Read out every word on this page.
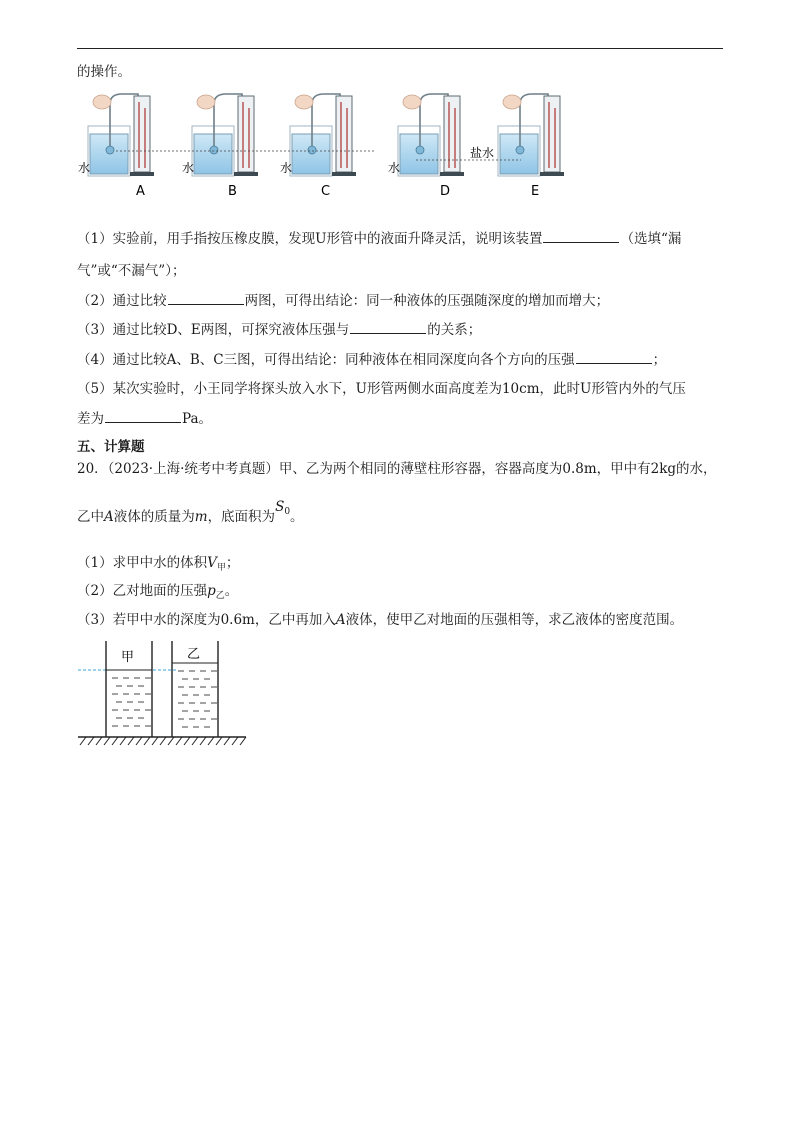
的操作。
水	水	水	水
盐水
A	B	C	D	E
（1）实验前，用手指按压橡皮膜，发现U形管中的液面升降灵活，说明该装置	（选填“漏
气”或“不漏气”）；
（2）通过比较	两图，可得出结论：同一种液体的压强随深度的增加而增大；
（3）通过比较D、E两图，可探究液体压强与	的关系；
（4）通过比较A、B、C三图，可得出结论：同种液体在相同深度向各个方向的压强	；
（5）某次实验时，小王同学将探头放入水下，U形管两侧水面高度差为10cm，此时U形管内外的气压
差为	Pa。
五、计算题
20．（2023·上海·统考中考真题）甲、乙为两个相同的薄壁柱形容器，容器高度为0.8m，甲中有2kg的水，
乙中A液体的质量为m，底面积为$S_0$。
（1）求甲中水的体积$V_甲$；
（2）乙对地面的压强$p_乙$。
（3）若甲中水的深度为0.6m，乙中再加入A液体，使甲乙对地面的压强相等，求乙液体的密度范围。
甲	乙
